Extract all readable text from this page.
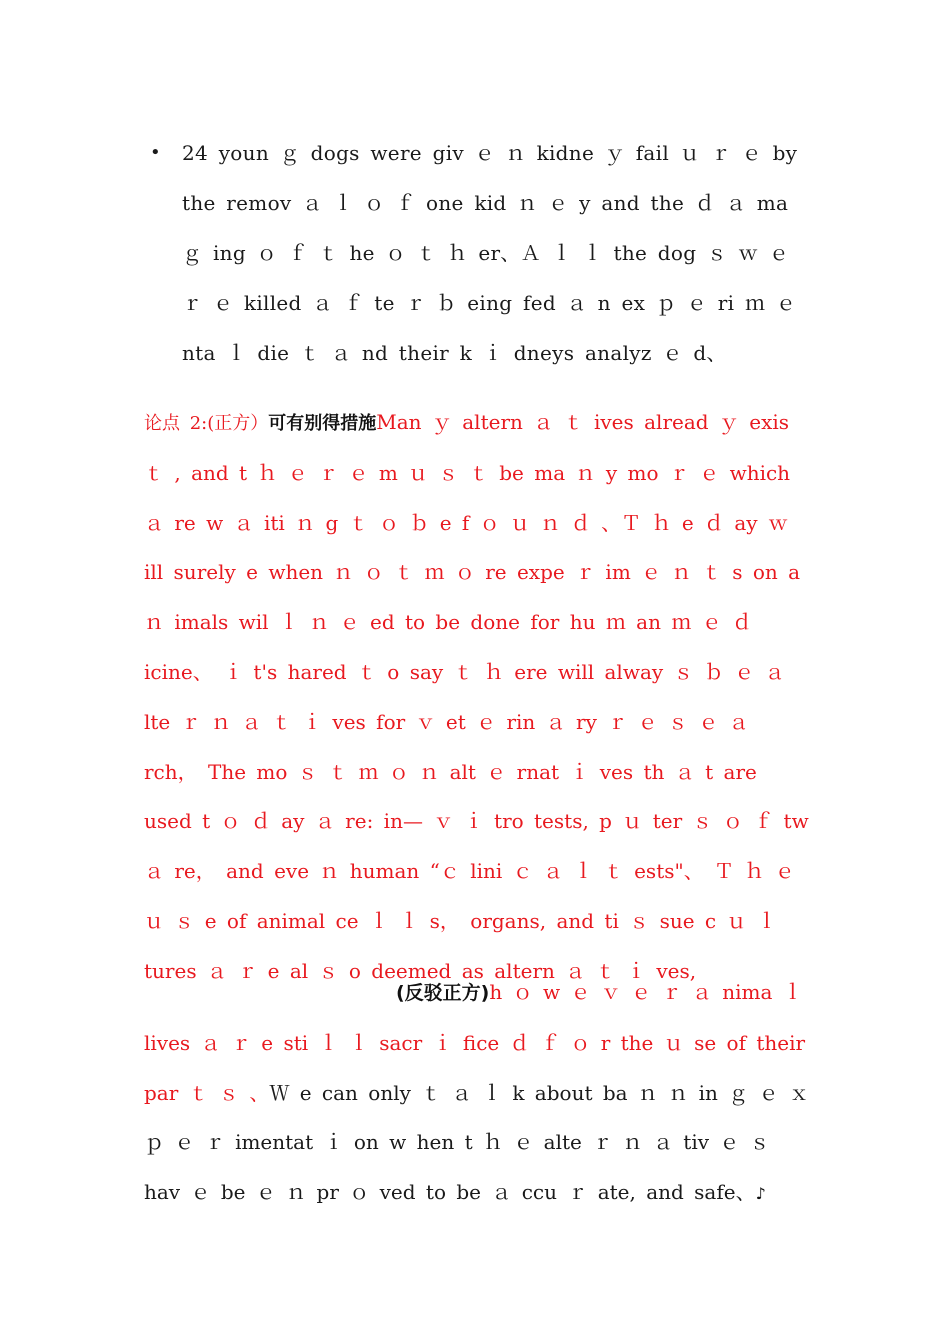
• 24 youn ｇ dogs were giv ｅ ｎ kidne ｙ fail ｕ ｒ ｅ by the remov ａ ｌ ｏ ｆ one kid ｎ ｅ y and the ｄ ａ ma ｇ ing ｏ ｆ ｔ he ｏ ｔ ｈ er、Ａ ｌ ｌ the dog ｓ ｗ ｅ ｒ ｅ killed ａ ｆ te ｒ ｂ eing fed ａ n ex ｐ ｅ ri ｍ ｅ nta ｌ die ｔ ａ nd their k ｉ dneys analyz ｅ d、
论点 2:(正方）可有别得措施Man ｙ altern ａ ｔ ives alread ｙ exis ｔ , and t ｈ ｅ ｒ ｅ m ｕ ｓ ｔ be ma ｎ y mo ｒ ｅ which ａ re w ａ iti ｎ g ｔ ｏ ｂ e f ｏ ｕ ｎ ｄ 、Ｔ ｈ e ｄ ay ｗ ill surely e when ｎ ｏ ｔ ｍ ｏ re expe ｒ im ｅ ｎ ｔ s on a ｎ imals wil ｌ ｎ ｅ ed to be done for hu ｍ an ｍ ｅ ｄ icine、 ｉ t's hared ｔ o say ｔ ｈ ere will alway ｓ ｂ ｅ ａ lte ｒ ｎ ａ ｔ ｉ ves for ｖ et ｅ rin ａ ry ｒ ｅ ｓ ｅ ａ rch， The mo ｓ ｔ ｍ ｏ ｎ alt ｅ rnat ｉ ves th ａ t are used t ｏ ｄ ay ａ re: in— ｖ ｉ tro tests, p ｕ ter ｓ ｏ ｆ tw ａ re， and eve ｎ human “ｃ lini ｃ ａ ｌ ｔ ests"、 Ｔ ｈ ｅ ｕ ｓ e of animal ce ｌ ｌ s， organs, and ti ｓ sue c ｕ ｌ tures ａ ｒ e al ｓ o deemed as altern ａ ｔ ｉ ves,
(反驳正方)h ｏ w ｅ ｖ ｅ ｒ ａ nima ｌ lives ａ ｒ e sti ｌ ｌ sacr ｉ fice ｄ ｆ ｏ r the ｕ se of their par ｔ ｓ 、Ｗ e can only ｔ ａ ｌ k about ba ｎ ｎ in ｇ ｅ ｘ ｐ ｅ ｒ imentat ｉ on w hen t ｈ ｅ alte ｒ ｎ ａ tiv ｅ ｓ hav ｅ be ｅ ｎ pr ｏ ved to be ａ ccu ｒ ate, and safe、♪
